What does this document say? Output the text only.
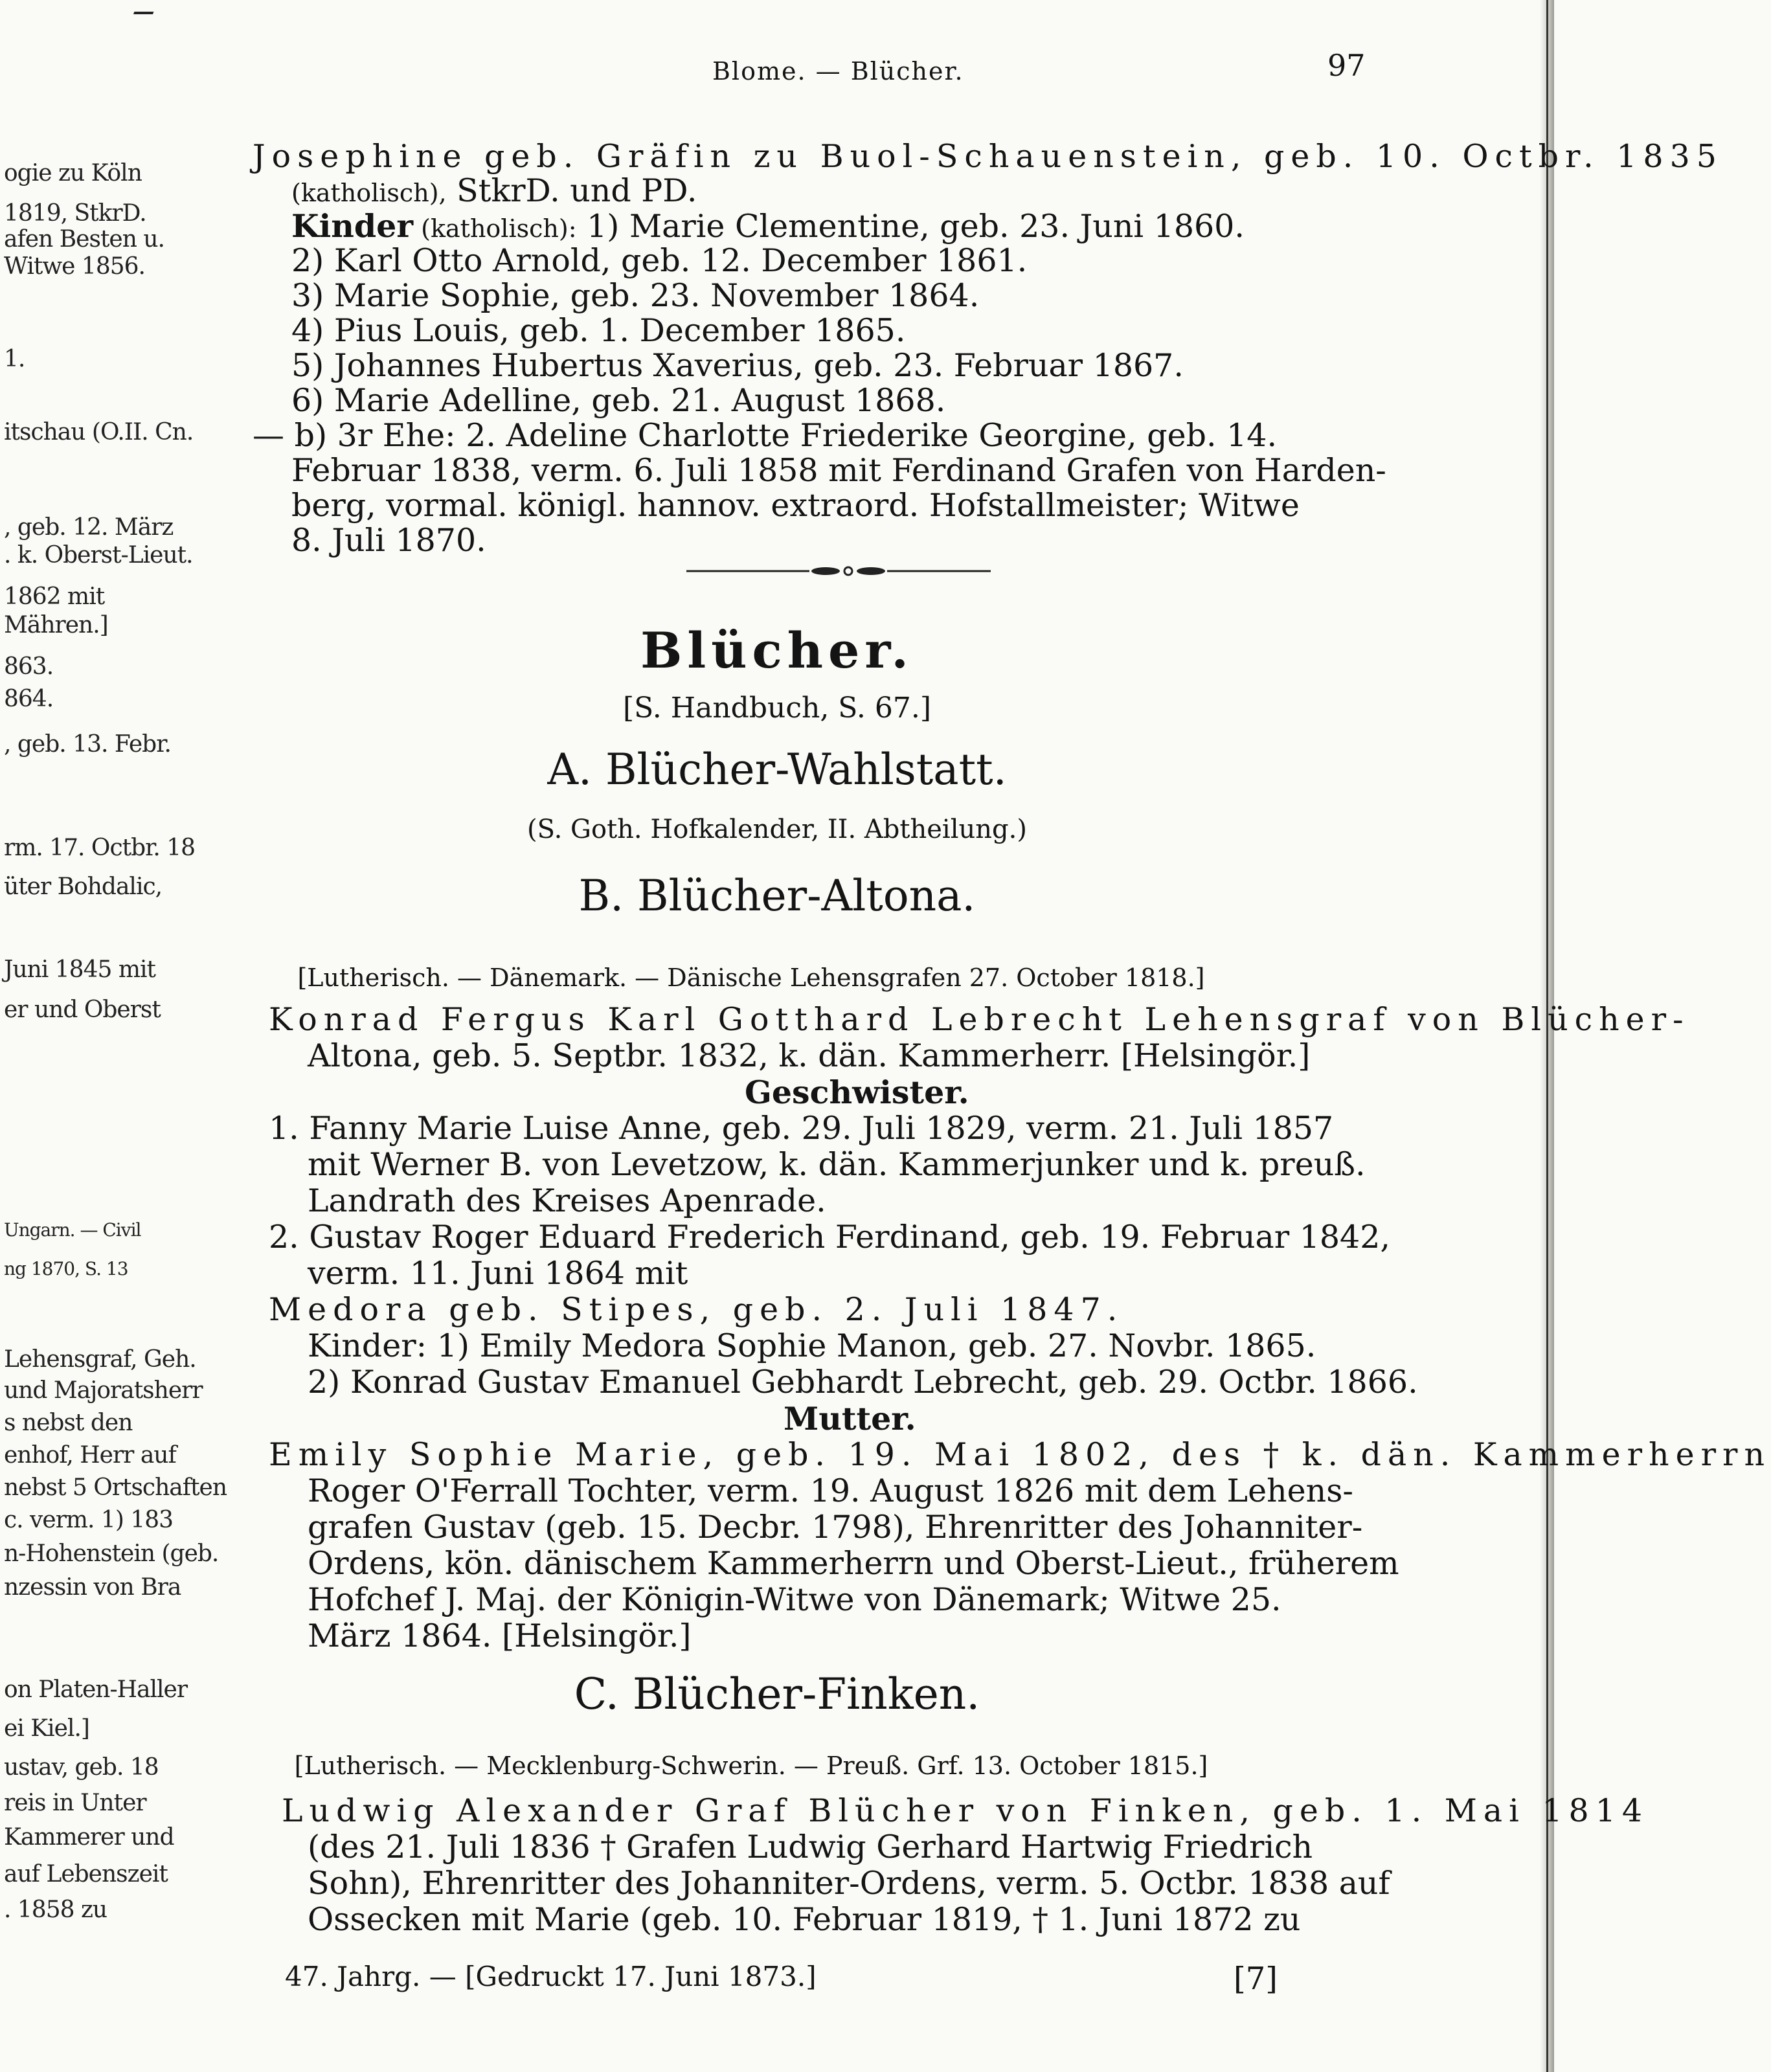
ogie zu Köln
1819, StkrD.
afen Besten u.
Witwe 1856.
1.
itschau (O.II. Cn.
, geb. 12. März
. k. Oberst-Lieut.
1862 mit
Mähren.]
863.
864.
, geb. 13. Febr.
rm. 17. Octbr. 18
üter Bohdalic,
Juni 1845 mit
er und Oberst
Ungarn. — Civil
ng 1870, S. 13
Lehensgraf, Geh.
und Majoratsherr
s nebst den
enhof, Herr auf
nebst 5 Ortschaften
c. verm. 1) 183
n-Hohenstein (geb.
nzessin von Bra
on Platen-Haller
ei Kiel.]
ustav, geb. 18
reis in Unter
Kammerer und
auf Lebenszeit
. 1858 zu
Blome. — Blücher.	97
Josephine geb. Gräfin zu Buol-Schauenstein, geb. 10. Octbr. 1835
(katholisch), StkrD. und PD.
Kinder (katholisch): 1) Marie Clementine, geb. 23. Juni 1860.
2) Karl Otto Arnold, geb. 12. December 1861.
3) Marie Sophie, geb. 23. November 1864.
4) Pius Louis, geb. 1. December 1865.
5) Johannes Hubertus Xaverius, geb. 23. Februar 1867.
6) Marie Adelline, geb. 21. August 1868.
— b) 3r Ehe: 2. Adeline Charlotte Friederike Georgine, geb. 14.
Februar 1838, verm. 6. Juli 1858 mit Ferdinand Grafen von Harden-
berg, vormal. königl. hannov. extraord. Hofstallmeister; Witwe
8. Juli 1870.
Blücher.
[S. Handbuch, S. 67.]
A. Blücher-Wahlstatt.
(S. Goth. Hofkalender, II. Abtheilung.)
B. Blücher-Altona.
[Lutherisch. — Dänemark. — Dänische Lehensgrafen 27. October 1818.]
Konrad Fergus Karl Gotthard Lebrecht Lehensgraf von Blücher-
Altona, geb. 5. Septbr. 1832, k. dän. Kammerherr. [Helsingör.]
Geschwister.
1. Fanny Marie Luise Anne, geb. 29. Juli 1829, verm. 21. Juli 1857
mit Werner B. von Levetzow, k. dän. Kammerjunker und k. preuß.
Landrath des Kreises Apenrade.
2. Gustav Roger Eduard Frederich Ferdinand, geb. 19. Februar 1842,
verm. 11. Juni 1864 mit
Medora geb. Stipes, geb. 2. Juli 1847.
Kinder: 1) Emily Medora Sophie Manon, geb. 27. Novbr. 1865.
2) Konrad Gustav Emanuel Gebhardt Lebrecht, geb. 29. Octbr. 1866.
Mutter.
Emily Sophie Marie, geb. 19. Mai 1802, des † k. dän. Kammerherrn
Roger O'Ferrall Tochter, verm. 19. August 1826 mit dem Lehens-
grafen Gustav (geb. 15. Decbr. 1798), Ehrenritter des Johanniter-
Ordens, kön. dänischem Kammerherrn und Oberst-Lieut., früherem
Hofchef J. Maj. der Königin-Witwe von Dänemark; Witwe 25.
März 1864. [Helsingör.]
C. Blücher-Finken.
[Lutherisch. — Mecklenburg-Schwerin. — Preuß. Grf. 13. October 1815.]
Ludwig Alexander Graf Blücher von Finken, geb. 1. Mai 1814
(des 21. Juli 1836 † Grafen Ludwig Gerhard Hartwig Friedrich
Sohn), Ehrenritter des Johanniter-Ordens, verm. 5. Octbr. 1838 auf
Ossecken mit Marie (geb. 10. Februar 1819, † 1. Juni 1872 zu
47. Jahrg. — [Gedruckt 17. Juni 1873.]	[7]
